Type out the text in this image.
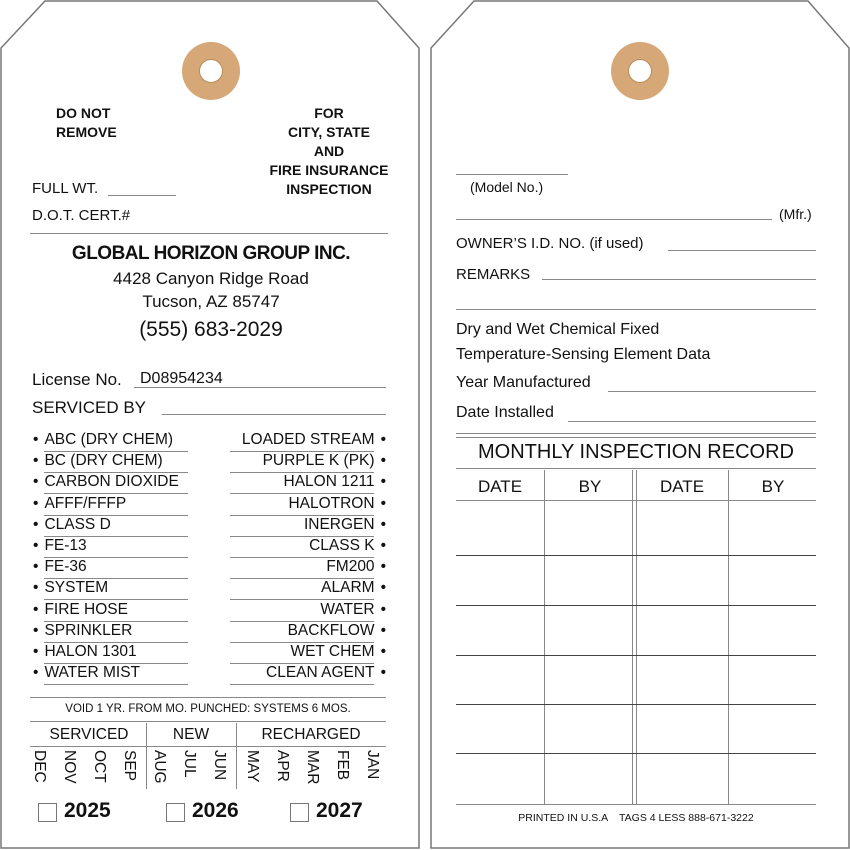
DO NOT
REMOVE
FOR
CITY, STATE
AND
FIRE INSURANCE
INSPECTION
FULL WT.
D.O.T. CERT.#
GLOBAL HORIZON GROUP INC.
4428 Canyon Ridge Road
Tucson, AZ 85747
(555) 683-2029
License No. D08954234
SERVICED BY
• ABC (DRY CHEM)
• BC (DRY CHEM)
• CARBON DIOXIDE
• AFFF/FFFP
• CLASS D
• FE-13
• FE-36
• SYSTEM
• FIRE HOSE
• SPRINKLER
• HALON 1301
• WATER MIST
LOADED STREAM •
PURPLE K (PK) •
HALON 1211 •
HALOTRON •
INERGEN •
CLASS K •
FM200 •
ALARM •
WATER •
BACKFLOW •
WET CHEM •
CLEAN AGENT •
VOID 1 YR. FROM MO. PUNCHED: SYSTEMS 6 MOS.
SERVICED	NEW	RECHARGED
DEC NOV OCT SEP AUG JUL JUN MAY APR MAR FEB JAN
2025	2026	2027
(Model No.)
(Mfr.)
OWNER’S I.D. NO. (if used)
REMARKS
Dry and Wet Chemical Fixed
Temperature-Sensing Element Data
Year Manufactured
Date Installed
MONTHLY INSPECTION RECORD
DATE	BY	DATE	BY
PRINTED IN U.S.A    TAGS 4 LESS 888-671-3222
